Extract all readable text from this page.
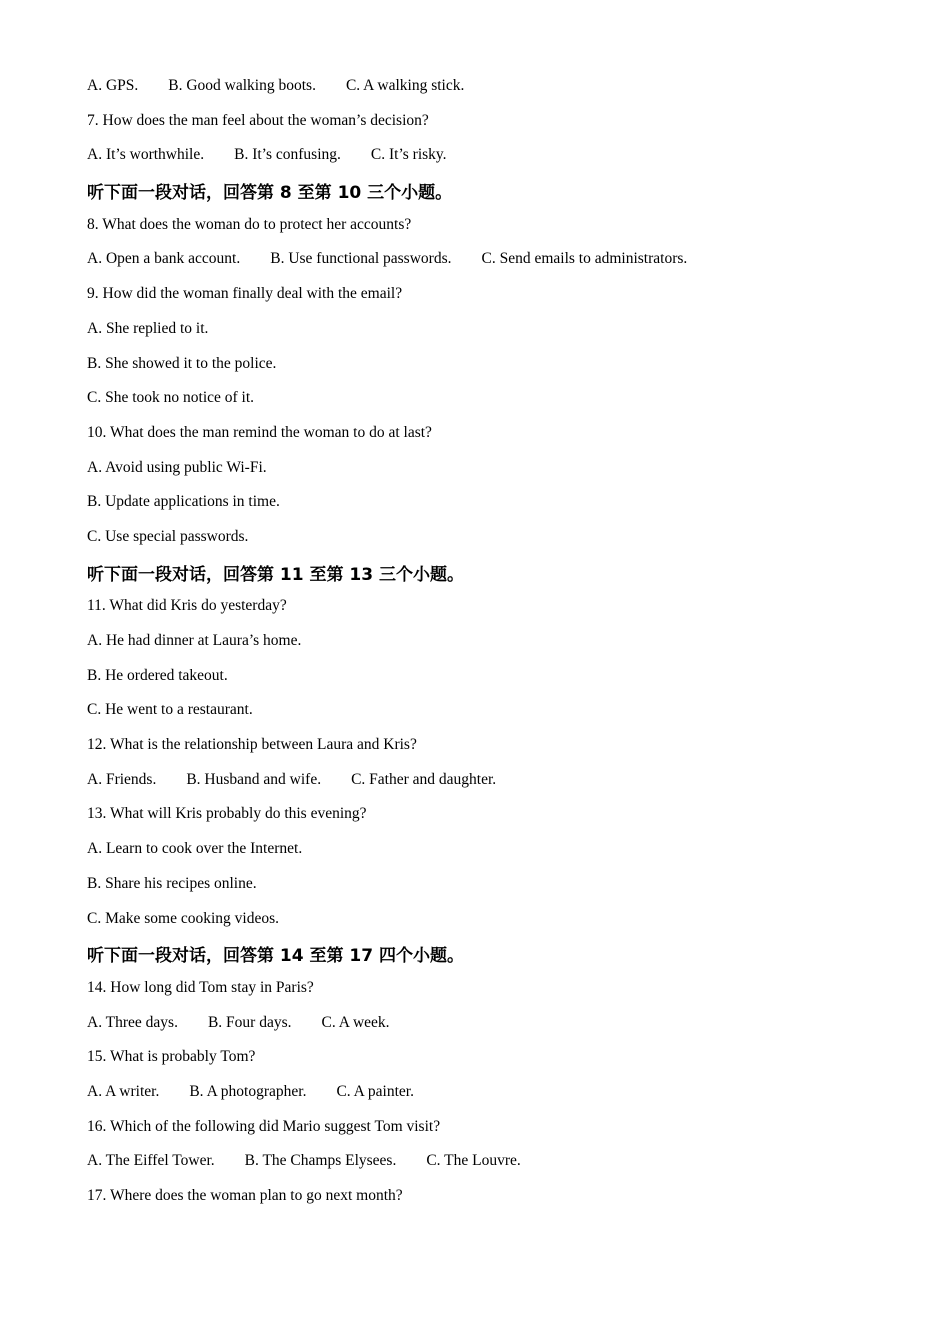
A. GPS. B. Good walking boots. C. A walking stick.
7. How does the man feel about the woman’s decision?
A. It’s worthwhile. B. It’s confusing. C. It’s risky.
听下面一段对话，回答第 8 至第 10 三个小题。
8. What does the woman do to protect her accounts?
A. Open a bank account. B. Use functional passwords. C. Send emails to administrators.
9. How did the woman finally deal with the email?
A. She replied to it.
B. She showed it to the police.
C. She took no notice of it.
10. What does the man remind the woman to do at last?
A. Avoid using public Wi-Fi.
B. Update applications in time.
C. Use special passwords.
听下面一段对话，回答第 11 至第 13 三个小题。
11. What did Kris do yesterday?
A. He had dinner at Laura’s home.
B. He ordered takeout.
C. He went to a restaurant.
12. What is the relationship between Laura and Kris?
A. Friends. B. Husband and wife. C. Father and daughter.
13. What will Kris probably do this evening?
A. Learn to cook over the Internet.
B. Share his recipes online.
C. Make some cooking videos.
听下面一段对话，回答第 14 至第 17 四个小题。
14. How long did Tom stay in Paris?
A. Three days. B. Four days. C. A week.
15. What is probably Tom?
A. A writer. B. A photographer. C. A painter.
16. Which of the following did Mario suggest Tom visit?
A. The Eiffel Tower. B. The Champs Elysees. C. The Louvre.
17. Where does the woman plan to go next month?
